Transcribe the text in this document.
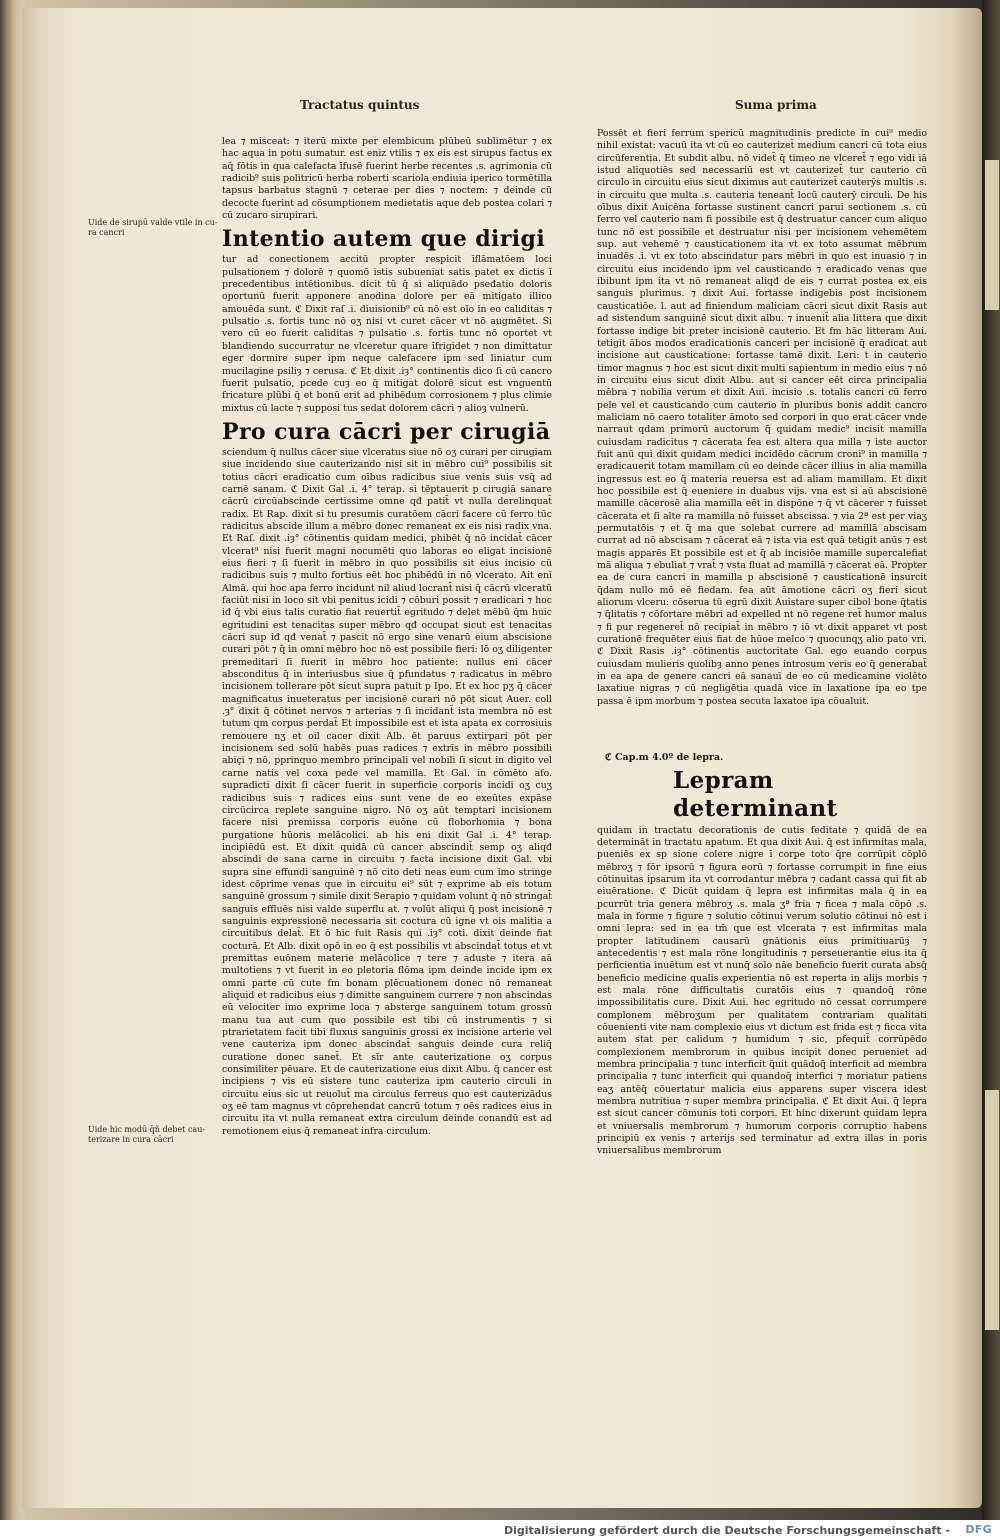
Tractatus quintus	Suma prima
Uide de sirupū valde vtile in cu-ra cancri
Uide hic modū q̄ñ debet cau-terizare in cura cācri

lea ⁊ misceat: ⁊ iterū mixte per elembicum plūbeū sublimētur ⁊ ex hac aqua in potu sumatur. est eniz vtilis ⁊ ex eis est sirupus factus ex aq̄ fōtis in qua calefacta īfusē fuerint herbe recentes .s. agrimonia cū radicib⁹ suis politricū herba roberti scariola endiuia iperico tormētilla tapsus barbatus stagnū ⁊ ceterae per dies ⁊ noctem: ⁊ deinde cū decocte fuerint ad cōsumptionem medietatis aque deb postea colari ⁊ cū zucaro sirupirari.

Intentio autem que dirigi

tur ad conectionem accitū propter respicit īflāmatōem loci pulsationem ⁊ dolorē ⁊ quomō istis subueniat satis patet ex dictis ī precedentibus intētionibus. dicit tū q̄ si aliquādo pseđatio doloris oportunū fuerit apponere anodina dolore per eā mitigato illico amouēda sunt. ℭ Dixit raſ .i. diuisionib⁹ cū nō est olo in eo caliditas ⁊ pulsatio .s. fortis tunc nō oʒ nisi vt curet cācer vt nō augmētet. Si vero cū eo fuerit caliditas ⁊ pulsatio .s. fortis tunc nō oportet vt blandiendo succurratur ne vlceretur quare īfrigidet ⁊ non dimittatur eger dormire super ipm neque calefacere ipm sed liniatur cum mucilagine psiliȝ ⁊ cerusa. ℭ Et dixit .iȝ° continentis dico ſi cū cancro fuerit pulsatio, pcede cuȝ eo q̄ mitigat dolorē sicut est vnguentū fricature plūbi q̄ et bonū erit ad phibēdum corrosionem ⁊ plus climie mixtus cū lacte ⁊ supposi tus sedat dolorem cācri ⁊ alioȝ vulnerū.

Pro cura cācri per cirugiā

sciendum q̄ nullus cācer siue vlceratus siue nō oʒ curari per cirugiam siue incidendo siue cauterizando nisi sit in mēbro cui⁹ possibilis sit totius cācri eradicatio cum oībus radicibus siue venis suis vsq̄ ad carnē sanam. ℭ Dixit Gal .i. 4° terap. si tēptauerit p cirugiā sanare cācrū circūabscinde certissime omne qđ patit̄ vt nulla derelinquat̄ radix. Et Rap. dixit si tu presumis curatōem cācri facere cū ferro tūc radicitus abscide illum a mēbro donec remaneat ex eis nisi radix vna. Et Raſ. dixit .iȝ° cōtinentis quidam medici, phibēt q̄ nō incidat̄ cācer vlcerat⁹ nisi fuerit magni nocumēti quo laboras eo eligat incisionē eius fieri ⁊ ſi fuerit in mēbro in quo possibilis sit eius incisio cū radicibus suis ⁊ multo fortius eēt hoc phibēdū in nō vlcerato. Ait enī Almā. qui hoc apa ferro incidunt nil aliud locrant̄ nisi q̄ cācrū vlceratū faciūt nisi in loco sit vbi penitus icidi ⁊ cōburi possit ⁊ eradicari ⁊ hoc iđ q̄ vbi eius talis curatio fiat reuertit̄ egritudo ⁊ delet mēbū q̄m huic egritudini est tenacitas super mēbro qđ occupat sicut est tenacitas cācri sup iđ qđ venat̄ ⁊ pascit nō ergo sine venarū eium abscisione curari pōt ⁊ q̄ in omni mēbro hoc nō est possibile fieri: lō oʒ diligenter premeditari ſi fuerit in mēbro hoc patiente: nullus eni cācer absconditus q̄ in interiusbus siue q̄ pfundatus ⁊ radicatus in mēbro incisionem tollerare pōt sicut supra patuit p Ipo. Et ex hoc pʒ q̄ cācer magnificatus inueteratus per incisionē curari nō pōt sicut Auer. coll .ȝ° dixit q̄ cōtinet nervos ⁊ arterias ⁊ ſi incidant̄ ista membra nō est tutum qm corpus perdat̄ Et impossibile est et ista apata ex corrosiuis remouere nʒ et oil cacer dixit Alb. ēt paruus extirpari pōt per incisionem sed solū habēs puas radices ⁊ extrīs in mēbro possibili abiçi ⁊ nō, pprinquo membro principali vel nobili ſi sicut in digito vel carne natis vel coxa pede vel mamilla. Et Gal. in cōmēto afo. supradicti dixit ſi cācer fuerit in superficie corporis incidi oʒ cuʒ radicibus suis ⁊ radices eius sunt vene de eo exeūtes expāse circūcirca replete sanguine nigro. Nō oʒ aūt temptari incisionem facere nisi premissa corporis euōne cū floborhomia ⁊ bona purgatione hūoris melācolici. ab his eni dixit Gal .i. 4° terap. incipiēdū est. Et dixit quidā cū cancer abscindit̄ semp oʒ aliqđ abscindi de sana carne in circuitu ⁊ facta incisione dixit Gal. vbi supra sine effundi sanguinē ⁊ nō cito deti neas eum cum īmo stringe idest cōprime venas que in circuitu ei⁹ sūt ⁊ exprime ab eis totum sanguinē grossum ⁊ simile dixit Serapio ⁊ quidam volunt q̄ nō stringat̄ sanguis effluēs nisi valde superflu at. ⁊ volūt aliqui q̄ post incisionē ⁊ sanguinis expressionē necessaria sit coctura cū igne vt ois malitia a circuitibus delat̄. Et ō hic fuit Rasis qui .iȝ° coti. dixit deinde fiat cocturā. Et Alb. dixit opō in eo q̄ est possibilis vt abscindat̄ totus et vt premittas euōnem materie melācolice ⁊ tere ⁊ aduste ⁊ itera aā multotiens ⁊ vt fuerit in eo pletoria flōma ipm deinde incide ipm ex omni parte cū cute fm bonam plēcuationem donec nō remaneat aliquid et radicibus eius ⁊ dimitte sanguinem currere ⁊ non abscindas eū velociter imo exprime loca ⁊ absterge sanguinem totum grossū manu tua aut cum quo possibile est tibi cū instrumentis ⁊ si ptrarietatem facit tibi fluxus sanguinis grossi ex incisione arterie vel vene cauteriza ipm donec abscindat̄ sanguis deinde cura reliq̄ curatione donec sanet̄. Et sīr ante cauterizatione oʒ corpus consimiliter pēuare. Et de cauterizatione eius dixit Albu. q̄ cancer est incipiens ⁊ vis eū sistere tunc cauteriza ipm cauterio circuli in circuitu eius sic ut reuolut̄ ma circulus ferreus quo est cauterizādus oʒ eē tam magnus vt cōprehendat cancrū totum ⁊ oēs radices eius in circuitu ita vt nulla remaneat extra circulum deinde conandū est ad remotionem eius q̄ remaneat infra circulum.

Possēt et fieri ferrum spericū magnitudinis predicte in cui⁹ medio nihil existat: vacuū ita vt cū eo cauterizet̄ medium cancri cū tota eius circūferentia. Et subdit albu. nō videt̄ q̄ timeo ne vlceret̄ ⁊ ego vidi iā istud aliquotiēs sed necessariū est vt cauterizet̄ tur cauterio cū circulo in circuitu eius sicut diximus aut cauterizet̄ cauterȳs multis .s. in circuitu que multa .s. cauteria teneant̄ locū cauterȳ circuli. De his oībus dixit Auicēna fortasse sustinent cancri parui sectionem .s. cū ferro vel cauterio nam fi possibile est q̄ destruatur cancer cum aliquo tunc nō est possibile et destruatur nisi per incisionem vehemētem sup. aut vehemē ⁊ causticationem ita vt ex toto assumat mēbrum inuadēs .i. vt ex toto abscindatur pars mēbri in quo est inuasio ⁊ in circuitu eius incidendo ipm vel causticando ⁊ eradicado venas que ibibunt ipm ita vt nō remaneat aliqđ de eis ⁊ currat postea ex eis sanguis plurimus. ⁊ dixit Aui. fortasse indigebis post incisionem causticatiōe. l. aut ad finiendum maliciam cācri sicut dixit Rasis aut ad sistendum sanguinē sicut dixit albu. ⁊ inuenit̄ alia littera que dixit fortasse indige bit preter incisionē cauterio. Et fm hāc litteram Aui. tetigit ābos modos eradicationis canceri per incisionē q̄ eradicat aut incisione aut causticatione: fortasse tamē dixit. Leri: t in cauterio timor magnus ⁊ hoc est sicut dixit multi sapientum in medio eius ⁊ nō in circuitu eius sicut dixit Albu. aut si cancer eēt circa principalia mēbra ⁊ nobilia verum et dixit Aui. incisio .s. totalis cancri cū ferro pele vel et causticando cum cauterio in pluribus bonis addit cancro maliciam nō caero totaliter āmoto sed corpori in quo erat cācer vnde narraut qdam primorū auctorum q̄ quidam medic⁹ incisit mamilla cuiusdam radicitus ⁊ cācerata fea est altera qua milla ⁊ iste auctor fuit anū qui dixit quidam medici incidēdo cācrum croni⁹ in mamilla ⁊ eradicauerit totam mamillam cū eo deinde cācer illius in alia mamilla ingressus est eo q̄ materia reuersa est ad aliam mamillam. Et dixit hoc possibile est q̄ eueniere in duabus vijs. vna est si aū abscisionē mamille cācerosē alia mamilla eēt in dispōne ⁊ q̄ vt cācerer ⁊ fuisset cācerata et ſi alte ra mamilla nō fuisset abscissa. ⁊ via 2ª est per viaʒ permutatōis ⁊ et q̄ ma que solebat currere ad mamillā abscisam currat ad nō abscisam ⁊ cācerat eā ⁊ ista via est quā tetigit anūs ⁊ est magis apparēs Et possibile est et q̄ ab incisiōe mamille supercalefiat mā aliqua ⁊ ebuliat ⁊ vrat̄ ⁊ vsta fluat ad mamillā ⁊ cācerat eā. Propter ea de cura cancri in mamilla p abscisionē ⁊ causticationē insurcit q̄dam nullo mō eē fiedam. fea aūt āmotione cācri oʒ fieri sicut aliorum vlceru: cōserua tū egrū dixit Auistare super cibol bone q̄tatis ⁊ q̄litatis ⁊ cōfortare mēbri ad expelled nt nō regene ret̄ humor malus ⁊ fi pur regeneret̄ nō recipiat̄ in mēbro ⁊ iō vt dixit apparet vt post curationē frequēter eius fiat de hūoe melco ⁊ quocunqʒ alio pato vri. ℭ Dixit Rasis .iȝ° cōtinentis auctoritate Gal. ego euando corpus cuiusdam mulieris quolibȝ anno penes introsum veris eo q̄ generabat̄ in ea apa de genere cancri eā sanauī de eo cū medicamine violēto laxatiue nigras ⁊ cū negligētia quadā vice in laxatione ipa eo tpe passa ē ipm morbum ⁊ postea secuta laxatoe ipa cōualuit.

ℭ Cap.m 4.0º de lepra.
Lepram determinant

quidam in tractatu decorationis de cutis feditate ⁊ quidā de ea determināt in tractatu apatum. Et qua dixit Aui. q̄ est infirmitas mala, pueniēs ex sp sione colere nigre ī corpe toto q̄re corrūpit cōplō mēbroʒ ⁊ fōr ipsorū ⁊ figura eorū ⁊ fortasse corrumpit in fine eius cōtinuitas ipsarum ita vt corrodantur mēbra ⁊ cadant cassa qui fit ab eiuēratione. ℭ Dicūt quidam q̄ lepra est infirmitas mala q̄ in ea pcurrūt tria genera mēbroʒ .s. mala ʒª fria ⁊ ficea ⁊ mala cōpō .s. mala in forme ⁊ figure ⁊ solutio cōtinui verum solutio cōtinui nō est i omni lepra: sed in ea tm̄ que est vlcerata ⁊ est infirmitas mala propter latitudinem causarū gnātionis eius primitiuarūȝ ⁊ antecedentis ⁊ est mala rōne longitudinis ⁊ perseuerantie eius ita q̄ perficientia inuētum est vt nunq̄ solo nāe beneficio fuerit curata absq̄ beneficio medicine qualis experientia nō est reperta in alijs morbis ⁊ est mala rōne difficultatis curatōis eius ⁊ quandoq̄ rōne impossibilitatis cure. Dixit Aui. hec egritudo nō cessat corrumpere complonem mēbroʒum per qualitatem contrariam qualitati cōuenienti vite nam complexio eius vt dictum est frida est ⁊ ficca vita autem stat per calidum ⁊ humidum ⁊ sic, pfequit̄ corrūpēdo complexionem membrorum in quibus incipit donec perueniet ad membra principalia ⁊ tunc interficit q̄uit quādoq̄ interficit ad membra principalia ⁊ tunc interficit qui quandoq̄ interfici ⁊ moriatur patiens eaʒ antēq̄ cōuertatur malicia eius apparens super viscera idest membra nutritiua ⁊ super membra principalia. ℭ Et dixit Aui. q̄ lepra est sicut cancer cōmunis toti corpori. Et hinc dixerunt quidam lepra et vniuersalis membrorum ⁊ humorum corporis corruptio habens principiū ex venis ⁊ arterijs sed terminatur ad extra illas in poris vniuersalibus membrorum

Digitalisierung gefördert durch die Deutsche Forschungsgemeinschaft - DFG
